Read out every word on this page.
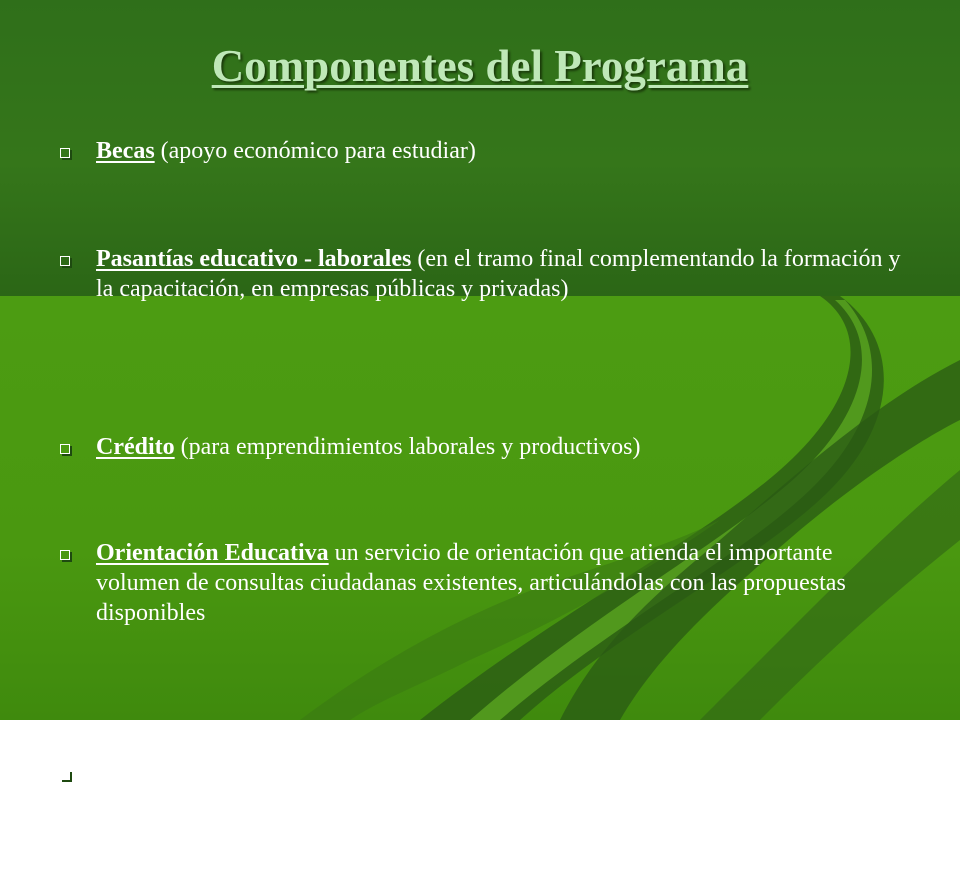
Componentes del Programa
Becas (apoyo económico para estudiar)
Pasantías educativo - laborales (en el tramo final complementando la formación y la capacitación, en empresas públicas y privadas)
Crédito (para emprendimientos laborales y productivos)
Orientación Educativa un servicio de orientación que atienda el importante volumen de consultas ciudadanas existentes, articulándolas con las propuestas disponibles
Formación (preferentemente integrando educación y trabajo; formación y capacitación profesional) por necesidades y demandas de sectores sociales (empresarios y trabajadores) y las instituciones públicas y privadas, a nivel nacional, departamental y local.
